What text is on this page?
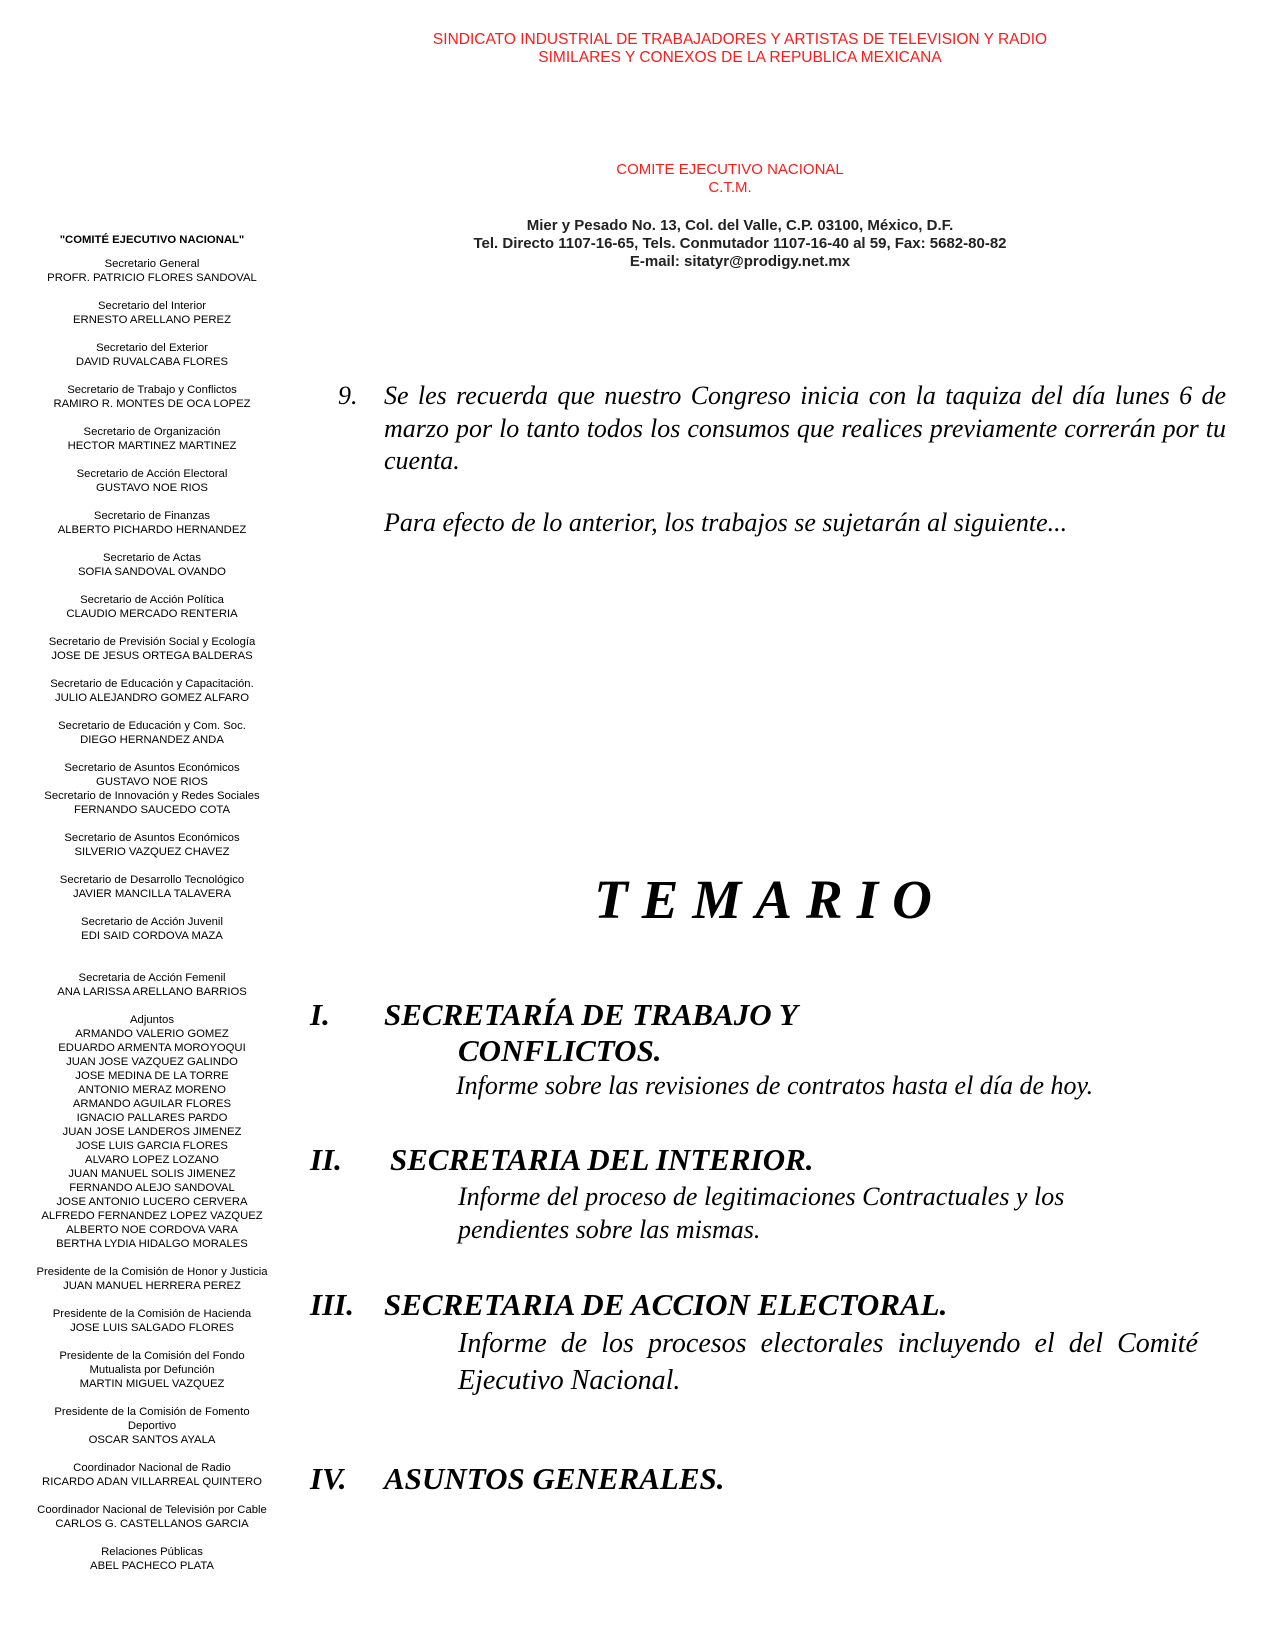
SINDICATO INDUSTRIAL DE TRABAJADORES Y ARTISTAS DE TELEVISION Y RADIO
SIMILARES Y CONEXOS DE LA REPUBLICA MEXICANA
COMITE EJECUTIVO NACIONAL
C.T.M.
Mier y Pesado No. 13, Col. del Valle, C.P. 03100, México, D.F.
Tel. Directo 1107-16-65, Tels. Conmutador 1107-16-40 al 59, Fax: 5682-80-82
E-mail: sitatyr@prodigy.net.mx
"COMITÉ EJECUTIVO NACIONAL"
Secretario General
PROFR. PATRICIO FLORES SANDOVAL
Secretario del Interior
ERNESTO ARELLANO PEREZ
Secretario del Exterior
DAVID RUVALCABA FLORES
Secretario de Trabajo y Conflictos
RAMIRO R. MONTES DE OCA LOPEZ
Secretario de Organización
HECTOR MARTINEZ MARTINEZ
Secretario de Acción Electoral
GUSTAVO NOE RIOS
Secretario de Finanzas
ALBERTO PICHARDO HERNANDEZ
Secretario de Actas
SOFIA SANDOVAL OVANDO
Secretario de Acción Política
CLAUDIO MERCADO RENTERIA
Secretario de Previsión Social y Ecología
JOSE DE JESUS ORTEGA BALDERAS
Secretario de Educación y Capacitación.
JULIO ALEJANDRO GOMEZ ALFARO
Secretario de Educación y Com. Soc.
DIEGO HERNANDEZ ANDA
Secretario de Asuntos Económicos
GUSTAVO NOE RIOS
Secretario de Innovación y Redes Sociales
FERNANDO SAUCEDO COTA
Secretario de Asuntos Económicos
SILVERIO VAZQUEZ CHAVEZ
Secretario de Desarrollo Tecnológico
JAVIER MANCILLA TALAVERA
Secretario de Acción Juvenil
EDI SAID CORDOVA MAZA
Secretaria de Acción Femenil
ANA LARISSA ARELLANO BARRIOS
Adjuntos
ARMANDO VALERIO GOMEZ
EDUARDO ARMENTA MOROYOQUI
JUAN JOSE VAZQUEZ GALINDO
JOSE MEDINA DE LA TORRE
ANTONIO MERAZ MORENO
ARMANDO AGUILAR FLORES
IGNACIO PALLARES PARDO
JUAN JOSE LANDEROS JIMENEZ
JOSE LUIS GARCIA FLORES
ALVARO LOPEZ LOZANO
JUAN MANUEL SOLIS JIMENEZ
FERNANDO ALEJO SANDOVAL
JOSE ANTONIO LUCERO CERVERA
ALFREDO FERNANDEZ LOPEZ VAZQUEZ
ALBERTO NOE CORDOVA VARA
BERTHA LYDIA HIDALGO MORALES
Presidente de la Comisión de Honor y Justicia
JUAN MANUEL HERRERA PEREZ
Presidente de la Comisión de Hacienda
JOSE LUIS SALGADO FLORES
Presidente de la Comisión del Fondo
Mutualista por Defunción
MARTIN MIGUEL VAZQUEZ
Presidente de la Comisión de Fomento
Deportivo
OSCAR SANTOS AYALA
Coordinador Nacional de Radio
RICARDO ADAN VILLARREAL QUINTERO
Coordinador Nacional de Televisión por Cable
CARLOS G. CASTELLANOS GARCIA
Relaciones Públicas
ABEL PACHECO PLATA
9. Se les recuerda que nuestro Congreso inicia con la taquiza del día lunes 6 de marzo por lo tanto todos los consumos que realices previamente correrán por tu cuenta.
Para efecto de lo anterior, los trabajos se sujetarán al siguiente...
TEMARIO
I. SECRETARÍA DE TRABAJO Y
CONFLICTOS.
Informe sobre las revisiones de contratos hasta el día de hoy.
II. SECRETARIA DEL INTERIOR.
Informe del proceso de legitimaciones Contractuales y los
pendientes sobre las mismas.
III. SECRETARIA DE ACCION ELECTORAL.
Informe de los procesos electorales incluyendo el del Comité Ejecutivo Nacional.
IV. ASUNTOS GENERALES.
